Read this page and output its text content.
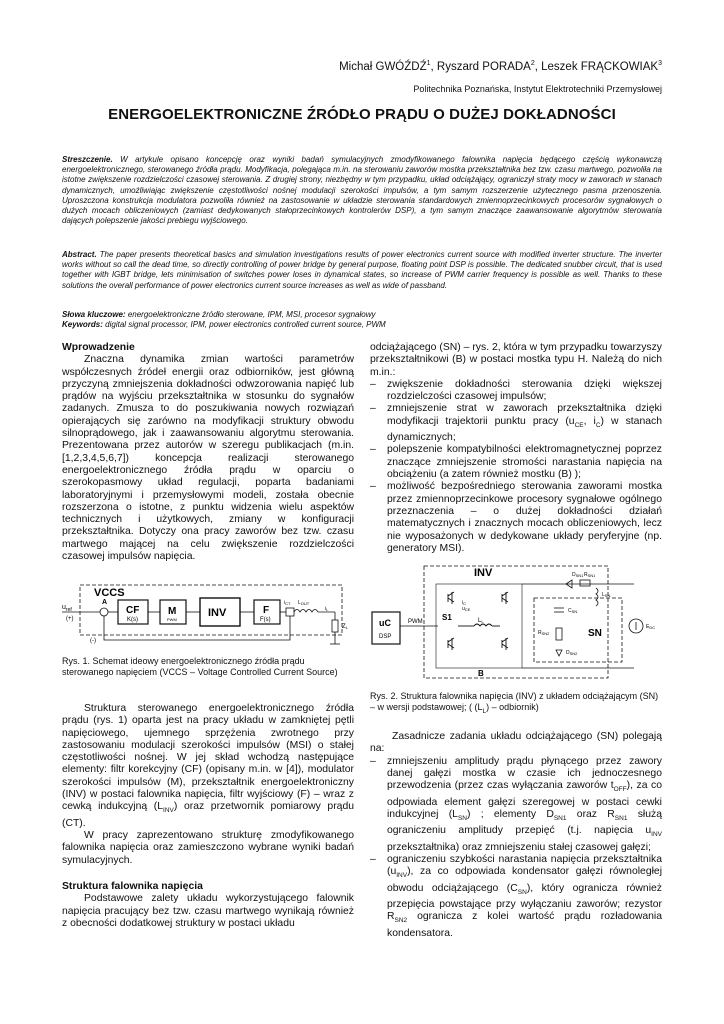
Michał GWÓŹDŹ$^1$, Ryszard PORADA$^2$, Leszek FRĄCKOWIAK$^3$
Politechnika Poznańska, Instytut Elektrotechniki Przemysłowej
ENERGOELEKTRONICZNE ŹRÓDŁO PRĄDU O DUŻEJ DOKŁADNOŚCI
Streszczenie. W artykule opisano koncepcję oraz wyniki badań symulacyjnych zmodyfikowanego falownika napięcia będącego częścią wykonawczą energoelektronicznego, sterowanego źródła prądu. Modyfikacja, polegająca m.in. na sterowaniu zaworów mostka przekształtnika bez tzw. czasu martwego, pozwoliła na istotne zwiększenie rozdzielczości czasowej sterowania. Z drugiej strony, niezbędny w tym przypadku, układ odciążający, ograniczył straty mocy w zaworach w stanach dynamicznych, umożliwiając zwiększenie częstotliwości nośnej modulacji szerokości impulsów, a tym samym rozszerzenie użytecznego pasma przenoszenia. Uproszczona konstrukcja modulatora pozwoliła również na zastosowanie w układzie sterowania standardowych zmiennoprzecinkowych procesorów sygnałowych o dużych mocach obliczeniowych (zamiast dedykowanych stałoprzecinkowych kontrolerów DSP), a tym samym znaczące zaawansowanie algorytmów sterowania dających polepszenie jakości prebiegu wyjściowego.
Abstract. The paper presents theoretical basics and simulation investigations results of power electronics current source with modified inverter structure. The inverter works without so call the dead time, so directly controlling of power bridge by general purpose, floating point DSP is possible. The dedicated snubber circuit, that is used together with IGBT bridge, lets minimisation of switches power loses in dynamical states, so increase of PWM carrier frequency is possible as well. Thanks to these solutions the overall performance of power electronics current source increases as well as wide of passband.
Słowa kluczowe: energoelektroniczne źródło sterowane, IPM, MSI, procesor sygnałowy
Keywords: digital signal processor, IPM, power electronics controlled current source, PWM
Wprowadzenie

Znaczna dynamika zmian wartości parametrów współczesnych źródeł energii oraz odbiorników, jest główną przyczyną zmniejszenia dokładności odwzorowania napięć lub prądów na wyjściu przekształtnika w stosunku do sygnałów zadanych. Zmusza to do poszukiwania nowych rozwiązań opierających się zarówno na modyfikacji struktury obwodu silnoprądowego, jak i zaawansowaniu algorytmu sterowania. Prezentowana przez autorów w szeregu publikacjach (m.in. [1,2,3,4,5,6,7]) koncepcja realizacji sterowanego energoelektronicznego źródła prądu w oparciu o szerokopasmowy układ regulacji, poparta badaniami laboratoryjnymi i przemysłowymi modeli, została obecnie rozszerzona o istotne, z punktu widzenia wielu aspektów technicznych i użytkowych, zmiany w konfiguracji przekształtnika. Dotyczy ona pracy zaworów bez tzw. czasu martwego mającej na celu zwiększenie rozdzielczości czasowej impulsów napięcia.

VCCS
$u_{ref}$
(+)
(-)
A
CF
K(s)
M
PWM
INV	F
F(s)
$i_{CT}$ $L_{OUT}$
$i_L$
ZL
Rys. 1. Schemat ideowy energoelektronicznego źródła prądu sterowanego napięciem (VCCS – Voltage Controlled Current Source)

Struktura sterowanego energoelektronicznego źródła prądu (rys. 1) oparta jest na pracy układu w zamkniętej pętli napięciowego, ujemnego sprzężenia zwrotnego przy zastosowaniu modulacji szerokości impulsów (MSI) o stałej częstotliwości nośnej. W jej skład wchodzą następujące elementy: filtr korekcyjny (CF) (opisany m.in. w [4]), modulator szerokości impulsów (M), przekształtnik energoelektroniczny (INV) w postaci falownika napięcia, filtr wyjściowy (F) – wraz z cewką indukcyjną $(L_{INV})$ oraz przetwornik pomiarowy prądu (CT).

W pracy zaprezentowano strukturę zmodyfikowanego falownika napięcia oraz zamieszczono wybrane wyniki badań symulacyjnych.

Struktura falownika napięcia

Podstawowe zalety układu wykorzystującego falownik napięcia pracujący bez tzw. czasu martwego wynikają również z obecności dodatkowej struktury w postaci układu

odciążającego (SN) – rys. 2, która w tym przypadku towarzyszy przekształtnikowi (B) w postaci mostka typu H. Należą do nich m.in.:

– zwiększenie dokładności sterowania dzięki większej rozdzielczości czasowej impulsów;
– zmniejszenie strat w zaworach przekształtnika dzięki modyfikacji trajektorii punktu pracy ($u_{CE}$, $i_C$) w stanach dynamicznych;
– polepszenie kompatybilności elektromagnetycznej poprzez znaczące zmniejszenie stromości narastania napięcia na obciążeniu (a zatem również mostku (B) );
– możliwość bezpośredniego sterowania zaworami mostka przez zmiennoprzecinkowe procesory sygnałowe ogólnego przeznaczenia – o dużej dokładności działań matematycznych i znacznych mocach obliczeniowych, lecz nie wyposażonych w dedykowane układy peryferyjne (np. generatory MSI).
INV
uC
DSP
PWM S1
B
LL
$u_{CE}$
$i_C$
SN
$D_{SN1}$ $R_{SN1}$
$L_{SN}$
$C_{SN}$
$R_{SN2}$
$D_{SN2}$
$E_{DC}$
Rys. 2. Struktura falownika napięcia (INV) z układem odciążającym (SN) – w wersji podstawowej; ( $(L_L)$ – odbiornik)

Zasadnicze zadania układu odciążającego (SN) polegają na:

– zmniejszeniu amplitudy prądu płynącego przez zawory danej gałęzi mostka w czasie ich jednoczesnego przewodzenia (przez czas wyłączania zaworów $t_{OFF}$), za co odpowiada element gałęzi szeregowej w postaci cewki indukcyjnej $(L_{SN})$ ; elementy $D_{SN1}$ oraz $R_{SN1}$ służą ograniczeniu amplitudy przepięć (t.j. napięcia $u_{INV}$ przekształtnika) oraz zmniejszeniu stałej czasowej gałęzi;
– ograniczeniu szybkości narastania napięcia przekształtnika $(u_{INV})$, za co odpowiada kondensator gałęzi równoległej obwodu odciążającego $(C_{SN})$, który ogranicza również przepięcia powstające przy wyłączaniu zaworów; rezystor $R_{SN2}$ ogranicza z kolei wartość prądu rozładowania kondensatora.
